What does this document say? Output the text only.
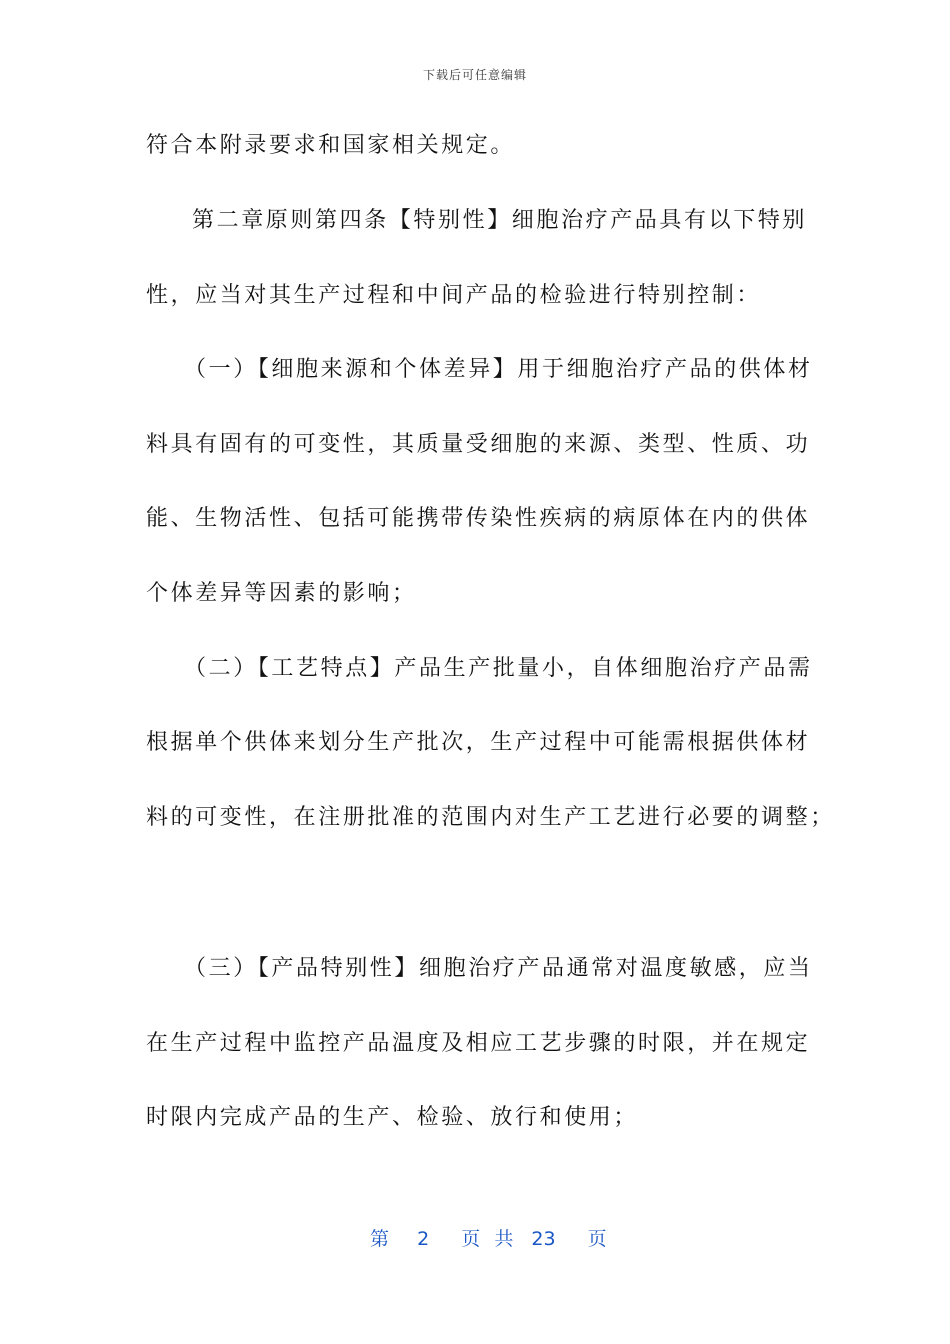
下载后可任意编辑
符合本附录要求和国家相关规定。
第二章原则第四条【特别性】细胞治疗产品具有以下特别
性，应当对其生产过程和中间产品的检验进行特别控制：
（一）【细胞来源和个体差异】用于细胞治疗产品的供体材
料具有固有的可变性，其质量受细胞的来源、类型、性质、功
能、生物活性、包括可能携带传染性疾病的病原体在内的供体
个体差异等因素的影响；
（二）【工艺特点】产品生产批量小，自体细胞治疗产品需
根据单个供体来划分生产批次，生产过程中可能需根据供体材
料的可变性，在注册批准的范围内对生产工艺进行必要的调整；
（三）【产品特别性】细胞治疗产品通常对温度敏感，应当
在生产过程中监控产品温度及相应工艺步骤的时限，并在规定
时限内完成产品的生产、检验、放行和使用；
第 2 页 共 23 页
